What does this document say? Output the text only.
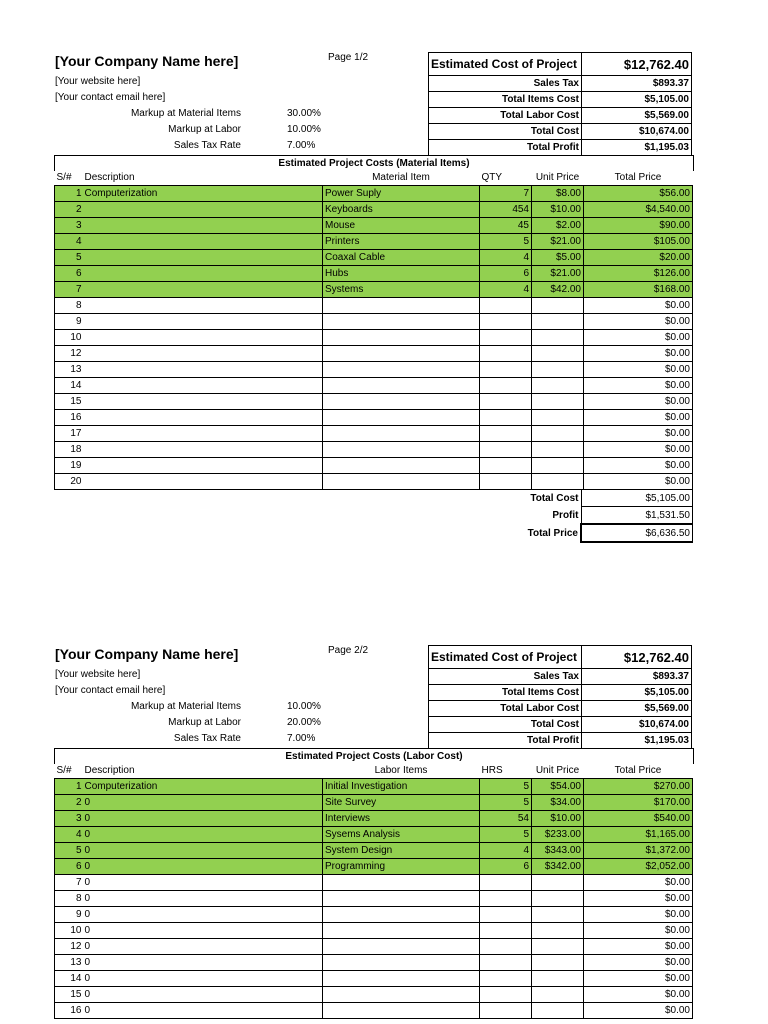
[Your Company Name here]
[Your website here]
[Your contact email here]
Page 1/2
Markup at Material Items	30.00%
Markup at Labor	10.00%
Sales Tax Rate	7.00%
Estimated Cost of Project	$12,762.40
Sales Tax	$893.37
Total Items Cost	$5,105.00
Total Labor Cost	$5,569.00
Total Cost	$10,674.00
Total Profit	$1,195.03
Estimated Project Costs (Material Items)
S/#	Description	Material Item	QTY	Unit Price	Total Price
1	Computerization	Power Suply	7	$8.00	$56.00
2		Keyboards	454	$10.00	$4,540.00
3		Mouse	45	$2.00	$90.00
4		Printers	5	$21.00	$105.00
5		Coaxal Cable	4	$5.00	$20.00
6		Hubs	6	$21.00	$126.00
7		Systems	4	$42.00	$168.00
8					$0.00
9					$0.00
10					$0.00
12					$0.00
13					$0.00
14					$0.00
15					$0.00
16					$0.00
17					$0.00
18					$0.00
19					$0.00
20					$0.00
Total Cost	$5,105.00
Profit	$1,531.50
Total Price	$6,636.50
[Your Company Name here]
[Your website here]
[Your contact email here]
Page 2/2
Markup at Material Items	10.00%
Markup at Labor	20.00%
Sales Tax Rate	7.00%
Estimated Cost of Project	$12,762.40
Sales Tax	$893.37
Total Items Cost	$5,105.00
Total Labor Cost	$5,569.00
Total Cost	$10,674.00
Total Profit	$1,195.03
Estimated Project Costs (Labor Cost)
S/#	Description	Labor Items	HRS	Unit Price	Total Price
1	Computerization	Initial Investigation	5	$54.00	$270.00
2	0	Site Survey	5	$34.00	$170.00
3	0	Interviews	54	$10.00	$540.00
4	0	Sysems Analysis	5	$233.00	$1,165.00
5	0	System Design	4	$343.00	$1,372.00
6	0	Programming	6	$342.00	$2,052.00
7	0				$0.00
8	0				$0.00
9	0				$0.00
10	0				$0.00
12	0				$0.00
13	0				$0.00
14	0				$0.00
15	0				$0.00
16	0				$0.00
